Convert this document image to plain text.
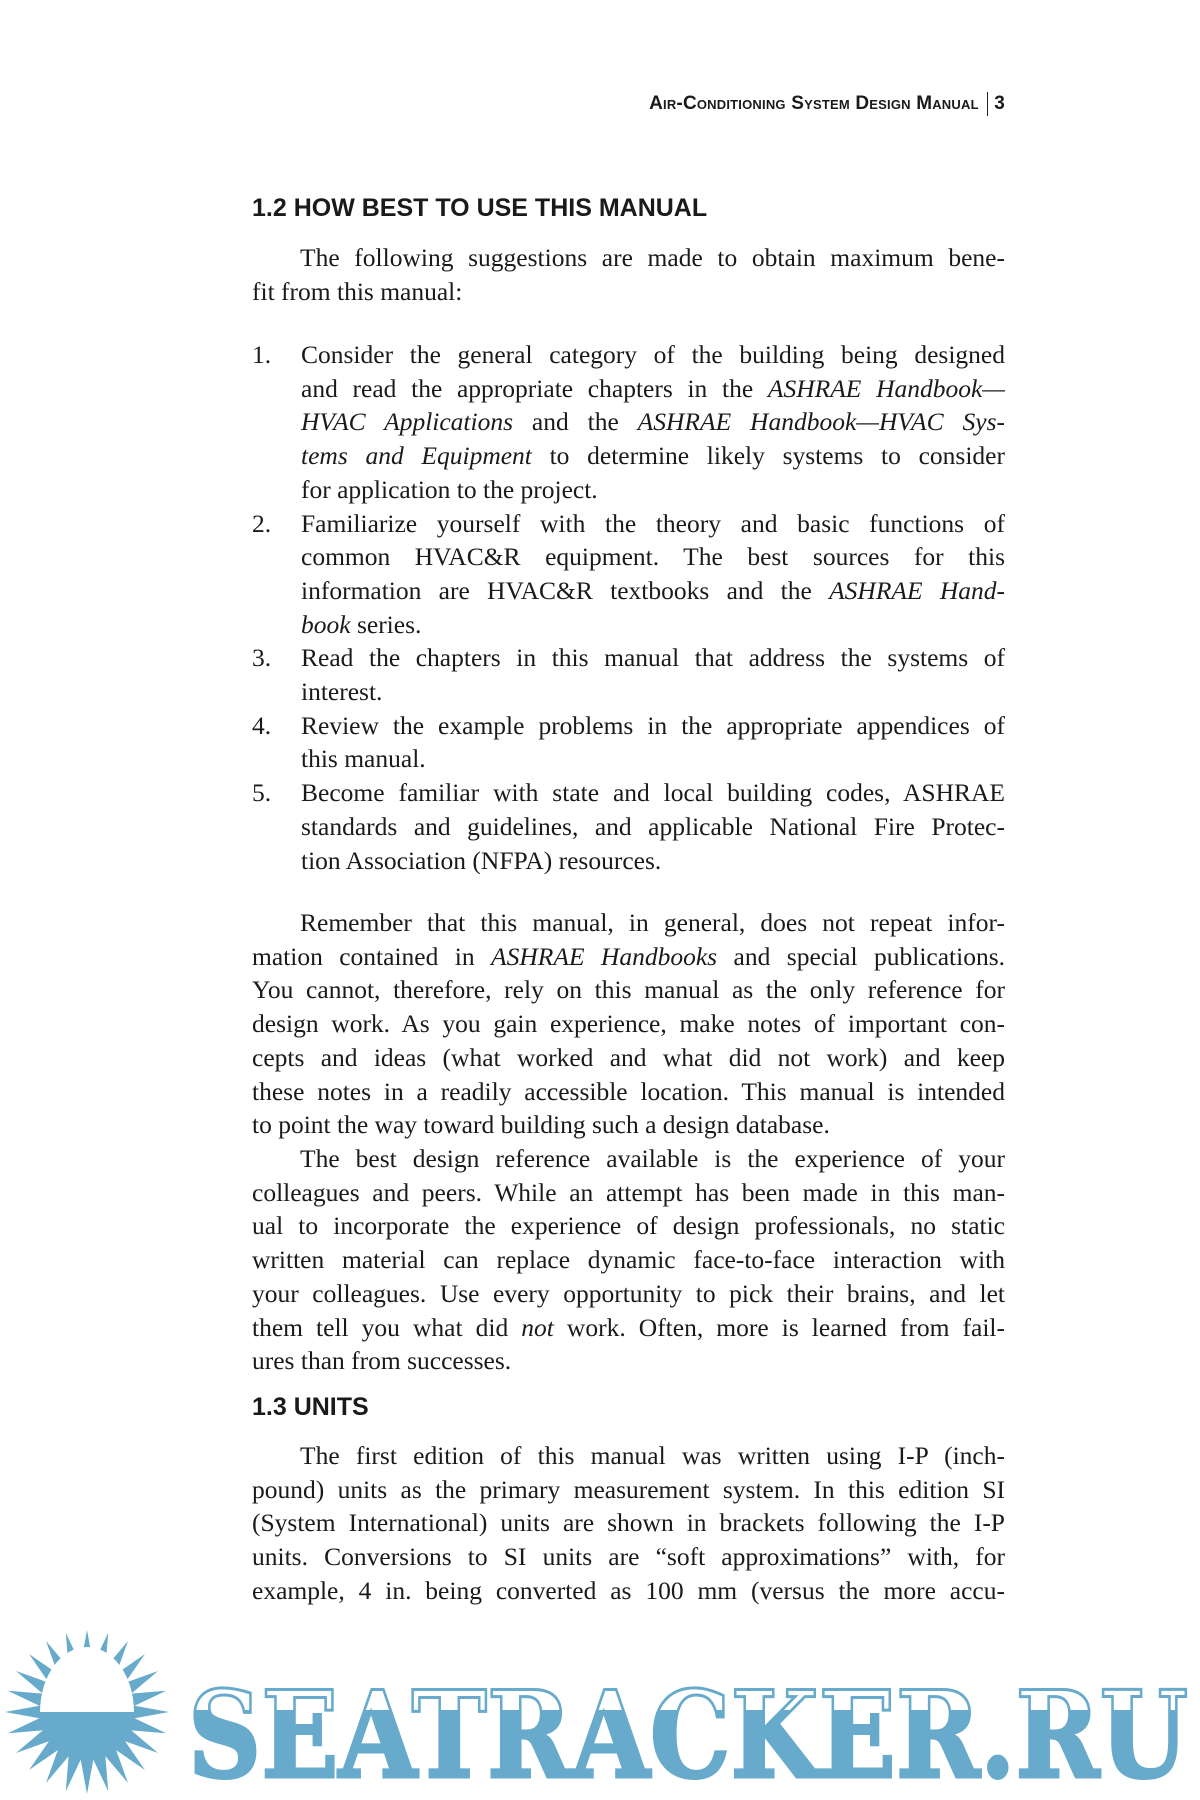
Air-Conditioning System Design Manual 3
1.2 HOW BEST TO USE THIS MANUAL
The following suggestions are made to obtain maximum bene-
fit from this manual:
1.	Consider the general category of the building being designed
and read the appropriate chapters in the ASHRAE Handbook—
HVAC Applications and the ASHRAE Handbook—HVAC Sys-
tems and Equipment to determine likely systems to consider
for application to the project.
2.	Familiarize yourself with the theory and basic functions of
common HVAC&R equipment. The best sources for this
information are HVAC&R textbooks and the ASHRAE Hand-
book series.
3.	Read the chapters in this manual that address the systems of
interest.
4.	Review the example problems in the appropriate appendices of
this manual.
5.	Become familiar with state and local building codes, ASHRAE
standards and guidelines, and applicable National Fire Protec-
tion Association (NFPA) resources.
Remember that this manual, in general, does not repeat infor-
mation contained in ASHRAE Handbooks and special publications.
You cannot, therefore, rely on this manual as the only reference for
design work. As you gain experience, make notes of important con-
cepts and ideas (what worked and what did not work) and keep
these notes in a readily accessible location. This manual is intended
to point the way toward building such a design database.
The best design reference available is the experience of your
colleagues and peers. While an attempt has been made in this man-
ual to incorporate the experience of design professionals, no static
written material can replace dynamic face-to-face interaction with
your colleagues. Use every opportunity to pick their brains, and let
them tell you what did not work. Often, more is learned from fail-
ures than from successes.
1.3 UNITS
The first edition of this manual was written using I-P (inch-
pound) units as the primary measurement system. In this edition SI
(System International) units are shown in brackets following the I-P
units. Conversions to SI units are “soft approximations” with, for
example, 4 in. being converted as 100 mm (versus the more accu-
SEATRACKER.RU
